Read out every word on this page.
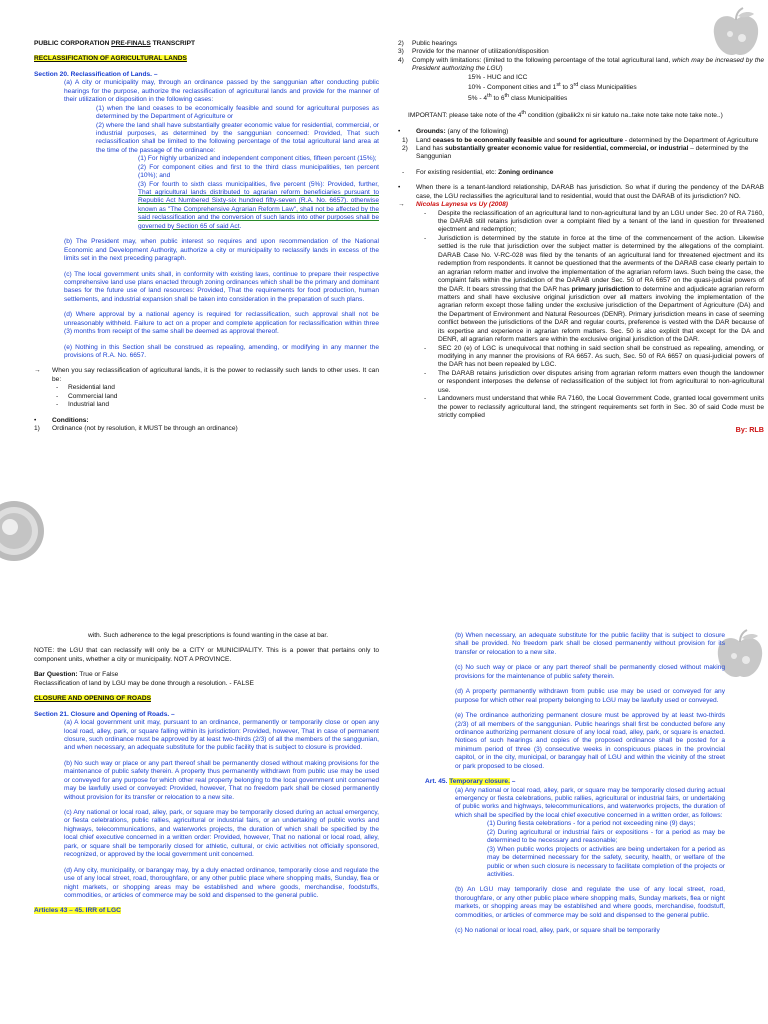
PUBLIC CORPORATION PRE-FINALS TRANSCRIPT

RECLASSIFICATION OF AGRICULTURAL LANDS

Section 20. Reclassification of Lands. –

(a) A city or municipality may, through an ordinance passed by the sanggunian after conducting public hearings for the purpose, authorize the reclassification of agricultural lands and provide for the manner of their utilization or disposition in the following cases:

(1) when the land ceases to be economically feasible and sound for agricultural purposes as determined by the Department of Agriculture or

(2) where the land shall have substantially greater economic value for residential, commercial, or industrial purposes, as determined by the sanggunian concerned: Provided, That such reclassification shall be limited to the following percentage of the total agricultural land area at the time of the passage of the ordinance:

(1) For highly urbanized and independent component cities, fifteen percent (15%);

(2) For component cities and first to the third class municipalities, ten percent (10%); and

(3) For fourth to sixth class municipalities, five percent (5%): Provided, further, That agricultural lands distributed to agrarian reform beneficiaries pursuant to Republic Act Numbered Sixty-six hundred fifty-seven (R.A. No. 6657). otherwise known as "The Comprehensive Agrarian Reform Law", shall not be affected by the said reclassification and the conversion of such lands into other purposes shall be governed by Section 65 of said Act.

(b) The President may, when public interest so requires and upon recommendation of the National Economic and Development Authority, authorize a city or municipality to reclassify lands in excess of the limits set in the next preceding paragraph.

(c) The local government units shall, in conformity with existing laws, continue to prepare their respective comprehensive land use plans enacted through zoning ordinances which shall be the primary and dominant bases for the future use of land resources: Provided, That the requirements for food production, human settlements, and industrial expansion shall be taken into consideration in the preparation of such plans.

(d) Where approval by a national agency is required for reclassification, such approval shall not be unreasonably withheld. Failure to act on a proper and complete application for reclassification within three (3) months from receipt of the same shall be deemed as approval thereof.

(e) Nothing in this Section shall be construed as repealing, amending, or modifying in any manner the provisions of R.A. No. 6657.

→ When you say reclassification of agricultural lands, it is the power to reclassify such lands to other uses. It can be:

- Residential land

- Commercial land

- Industrial land

• Conditions:

1) Ordinance (not by resolution, it MUST be through an ordinance)

2) Public hearings

3) Provide for the manner of utilization/disposition

4) Comply with limitations: (limited to the following percentage of the total agricultural land, which may be increased by the President authorizing the LGU)

15% - HUC and ICC

10% - Component cities and 1st to 3rd class Municipalities

5% - 4th to 6th class Municipalities

IMPORTANT: please take note of the 4th condition (gibalik2x ni sir katulo na..take note take note take note..)

• Grounds: (any of the following)

1) Land ceases to be economically feasible and sound for agriculture - determined by the Department of Agriculture

2) Land has substantially greater economic value for residential, commercial, or industrial – determined by the Sanggunian

- For existing residential, etc: Zoning ordinance

• When there is a tenant-landlord relationship, DARAB has jurisdiction. So what if during the pendency of the DARAB case, the LGU reclassifies the agricultural land to residential, would that oust the DARAB of its jurisdiction? NO.

→ Nicolas Laynesa vs Uy (2008)

- Despite the reclassification of an agricultural land to non-agricultural land by an LGU under Sec. 20 of RA 7160, the DARAB still retains jurisdiction over a complaint filed by a tenant of the land in question for threatened ejectment and redemption;

- Jurisdiction is determined by the statute in force at the time of the commencement of the action. Likewise settled is the rule that jurisdiction over the subject matter is determined by the allegations of the complaint. DARAB Case No. V-RC-028 was filed by the tenants of an agricultural land for threatened ejectment and its redemption from respondents. It cannot be questioned that the averments of the DARAB case clearly pertain to an agrarian reform matter and involve the implementation of the agrarian reform laws. Such being the case, the complaint falls within the jurisdiction of the DARAB under Sec. 50 of RA 6657 on the quasi-judicial powers of the DAR. It bears stressing that the DAR has primary jurisdiction to determine and adjudicate agrarian reform matters and shall have exclusive original jurisdiction over all matters involving the implementation of the agrarian reform except those falling under the exclusive jurisdiction of the Department of Agriculture (DA) and the Department of Environment and Natural Resources (DENR). Primary jurisdiction means in case of seeming conflict between the jurisdictions of the DAR and regular courts, preference is vested with the DAR because of its expertise and experience in agrarian reform matters. Sec. 50 is also explicit that except for the DA and DENR, all agrarian reform matters are within the exclusive original jurisdiction of the DAR.

- SEC 20 (e) of LGC is unequivocal that nothing in said section shall be construed as repealing, amending, or modifying in any manner the provisions of RA 6657. As such, Sec. 50 of RA 6657 on quasi-judicial powers of the DAR has not been repealed by LGC.

- The DARAB retains jurisdiction over disputes arising from agrarian reform matters even though the landowner or respondent interposes the defense of reclassification of the subject lot from agricultural to non-agricultural use.

- Landowners must understand that while RA 7160, the Local Government Code, granted local government units the power to reclassify agricultural land, the stringent requirements set forth in Sec. 30 of said Code must be strictly complied

By: RLB

with. Such adherence to the legal prescriptions is found wanting in the case at bar.

NOTE: the LGU that can reclassify will only be a CITY or MUNICIPALITY. This is a power that pertains only to component units, whether a city or municipality. NOT A PROVINCE.

Bar Question: True or False

Reclassification of land by LGU may be done through a resolution. - FALSE

CLOSURE AND OPENING OF ROADS

Section 21. Closure and Opening of Roads. –

(a) A local government unit may, pursuant to an ordinance, permanently or temporarily close or open any local road, alley, park, or square falling within its jurisdiction: Provided, however, That in case of permanent closure, such ordinance must be approved by at least two-thirds (2/3) of all the members of the sanggunian, and when necessary, an adequate substitute for the public facility that is subject to closure is provided.

(b) No such way or place or any part thereof shall be permanently closed without making provisions for the maintenance of public safety therein. A property thus permanently withdrawn from public use may be used or conveyed for any purpose for which other real property belonging to the local government unit concerned may be lawfully used or conveyed: Provided, however, That no freedom park shall be closed permanently without provision for its transfer or relocation to a new site.

(c) Any national or local road, alley, park, or square may be temporarily closed during an actual emergency, or fiesta celebrations, public rallies, agricultural or industrial fairs, or an undertaking of public works and highways, telecommunications, and waterworks projects, the duration of which shall be specified by the local chief executive concerned in a written order: Provided, however, That no national or local road, alley, park, or square shall be temporarily closed for athletic, cultural, or civic activities not officially sponsored, recognized, or approved by the local government unit concerned.

(d) Any city, municipality, or barangay may, by a duly enacted ordinance, temporarily close and regulate the use of any local street, road, thoroughfare, or any other public place where shopping malls, Sunday, flea or night markets, or shopping areas may be established and where goods, merchandise, foodstuffs, commodities, or articles of commerce may be sold and dispensed to the general public.

Articles 43 – 45. IRR of LGC

(b) When necessary, an adequate substitute for the public facility that is subject to closure shall be provided. No freedom park shall be closed permanently without provision for its transfer or relocation to a new site.

(c) No such way or place or any part thereof shall be permanently closed without making provisions for the maintenance of public safety therein.

(d) A property permanently withdrawn from public use may be used or conveyed for any purpose for which other real property belonging to LGU may be lawfully used or conveyed.

(e) The ordinance authorizing permanent closure must be approved by at least two-thirds (2/3) of all members of the sanggunian. Public hearings shall first be conducted before any ordinance authorizing permanent closure of any local road, alley, park, or square is enacted. Notices of such hearings and copies of the proposed ordinance shall be posted for a minimum period of three (3) consecutive weeks in conspicuous places in the provincial capitol, or in the city, municipal, or barangay hall of LGU and within the vicinity of the street or park proposed to be closed.

Art. 45. Temporary closure. –

(a) Any national or local road, alley, park, or square may be temporarily closed during actual emergency or fiesta celebrations, public rallies, agricultural or industrial fairs, or undertaking of public works and highways, telecommunications, and waterworks projects, the duration of which shall be specified by the local chief executive concerned in a written order, as follows:

(1) During fiesta celebrations - for a period not exceeding nine (9) days;

(2) During agricultural or industrial fairs or expositions - for a period as may be determined to be necessary and reasonable;

(3) When public works projects or activities are being undertaken for a period as may be determined necessary for the safety, security, health, or welfare of the public or when such closure is necessary to facilitate completion of the projects or activities.

(b) An LGU may temporarily close and regulate the use of any local street, road, thoroughfare, or any other public place where shopping malls, Sunday markets, flea or night markets, or shopping areas may be established and where goods, merchandise, foodstuff, commodities, or articles of commerce may be sold and dispensed to the general public.

(c) No national or local road, alley, park, or square shall be temporarily
